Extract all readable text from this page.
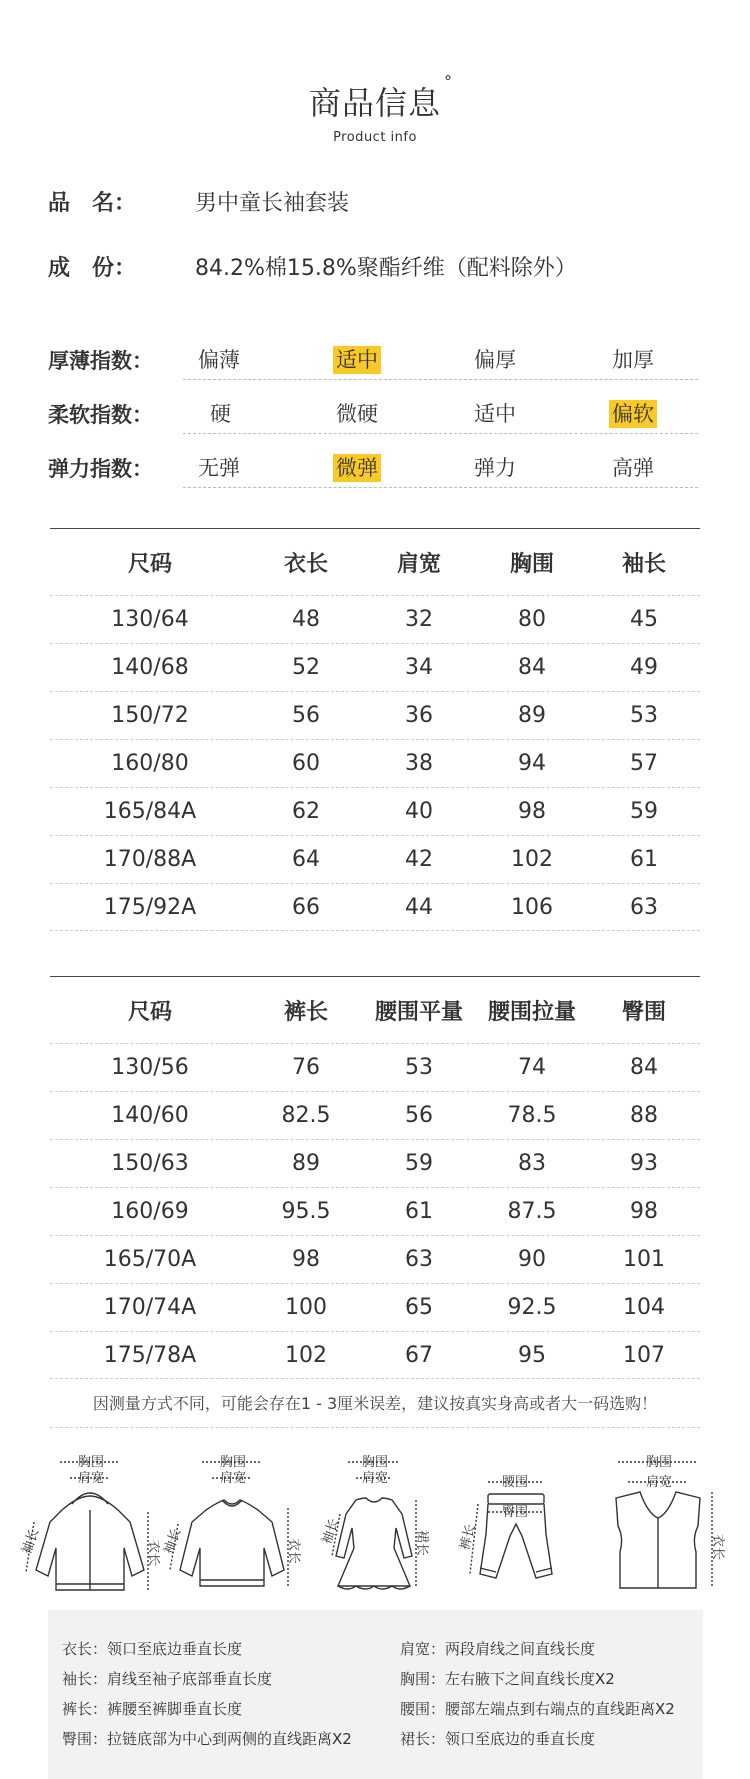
商品信息
°
Product info
品　名：	男中童长袖套装
成　份：	84.2%棉15.8%聚酯纤维（配料除外）
厚薄指数：	偏薄	适中	偏厚	加厚
柔软指数：	硬	微硬	适中	偏软
弹力指数：	无弹	微弹	弹力	高弹
尺码	衣长	肩宽	胸围	袖长
130/64	48	32	80	45
140/68	52	34	84	49
150/72	56	36	89	53
160/80	60	38	94	57
165/84A	62	40	98	59
170/88A	64	42	102	61
175/92A	66	44	106	63
尺码	裤长	腰围平量	腰围拉量	臀围
130/56	76	53	74	84
140/60	82.5	56	78.5	88
150/63	89	59	83	93
160/69	95.5	61	87.5	98
165/70A	98	63	90	101
170/74A	100	65	92.5	104
175/78A	102	67	95	107
因测量方式不同，可能会存在1 - 3厘米误差，建议按真实身高或者大一码选购！
胸围
肩宽
袖长	衣长
胸围
肩宽
袖长	衣长
胸围
肩宽
袖长	裙长
腰围
臀围
裤长
胸围
肩宽
衣长
衣长：领口至底边垂直长度	肩宽：两段肩线之间直线长度
袖长：肩线至袖子底部垂直长度	胸围：左右腋下之间直线长度X2
裤长：裤腰至裤脚垂直长度	腰围：腰部左端点到右端点的直线距离X2
臀围：拉链底部为中心到两侧的直线距离X2	裙长：领口至底边的垂直长度
